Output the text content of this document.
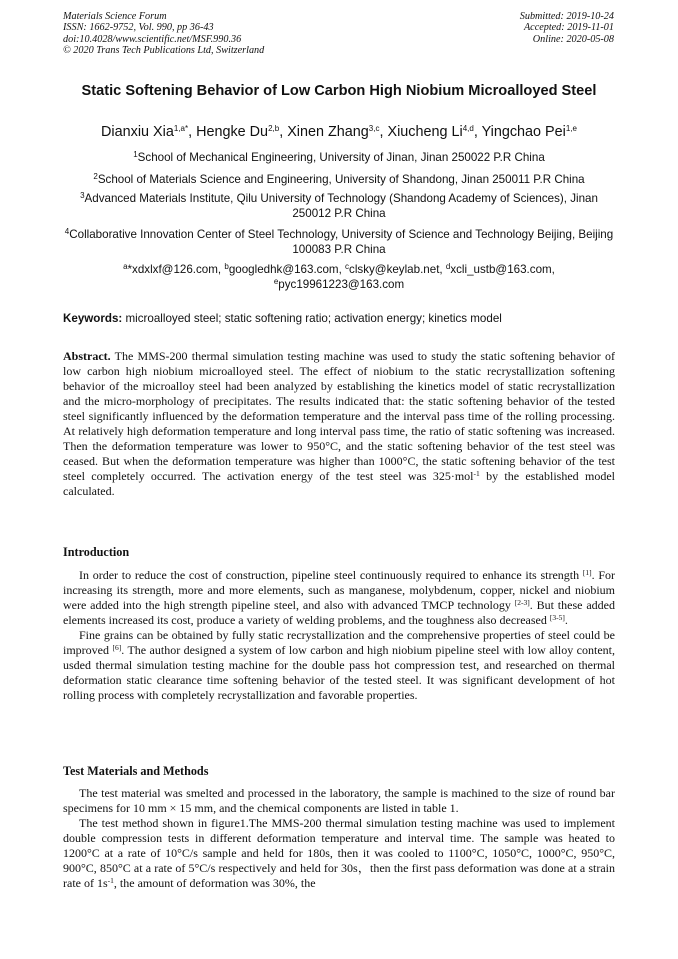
Materials Science Forum
ISSN: 1662-9752, Vol. 990, pp 36-43
doi:10.4028/www.scientific.net/MSF.990.36
© 2020 Trans Tech Publications Ltd, Switzerland
Submitted: 2019-10-24
Accepted: 2019-11-01
Online: 2020-05-08
Static Softening Behavior of Low Carbon High Niobium Microalloyed Steel
Dianxiu Xia$^{1,a*}$, Hengke Du$^{2,b}$, Xinen Zhang$^{3,c}$, Xiucheng Li$^{4,d}$, Yingchao Pei$^{1,e}$
$^1$School of Mechanical Engineering, University of Jinan, Jinan 250022 P.R China
$^2$School of Materials Science and Engineering, University of Shandong, Jinan 250011 P.R China
$^3$Advanced Materials Institute, Qilu University of Technology (Shandong Academy of Sciences), Jinan 250012 P.R China
$^4$Collaborative Innovation Center of Steel Technology, University of Science and Technology Beijing, Beijing 100083 P.R China
$^a$*xdxlxf@126.com, $^b$googledhk@163.com, $^c$clsky@keylab.net, $^d$xcli_ustb@163.com,
$^e$pyc19961223@163.com
Keywords: microalloyed steel; static softening ratio; activation energy; kinetics model
Abstract. The MMS-200 thermal simulation testing machine was used to study the static softening behavior of low carbon high niobium microalloyed steel. The effect of niobium to the static recrystallization softening behavior of the microalloy steel had been analyzed by establishing the kinetics model of static recrystallization and the micro-morphology of precipitates. The results indicated that: the static softening behavior of the tested steel significantly influenced by the deformation temperature and the interval pass time of the rolling processing. At relatively high deformation temperature and long interval pass time, the ratio of static softening was increased. Then the deformation temperature was lower to 950°C, and the static softening behavior of the test steel was ceased. But when the deformation temperature was higher than 1000°C, the static softening behavior of the test steel completely occurred. The activation energy of the test steel was 325·mol$^{-1}$ by the established model calculated.
Introduction

In order to reduce the cost of construction, pipeline steel continuously required to enhance its strength [1]. For increasing its strength, more and more elements, such as manganese, molybdenum, copper, nickel and niobium were added into the high strength pipeline steel, and also with advanced TMCP technology [2-3]. But these added elements increased its cost, produce a variety of welding problems, and the toughness also decreased [3-5].

Fine grains can be obtained by fully static recrystallization and the comprehensive properties of steel could be improved [6]. The author designed a system of low carbon and high niobium pipeline steel with low alloy content, usded thermal simulation testing machine for the double pass hot compression test, and researched on thermal deformation static clearance time softening behavior of the tested steel. It was significant development of hot rolling process with completely recrystallization and favorable properties.

Test Materials and Methods

The test material was smelted and processed in the laboratory, the sample is machined to the size of round bar specimens for 10 mm × 15 mm, and the chemical components are listed in table 1.

The test method shown in figure1.The MMS-200 thermal simulation testing machine was used to implement double compression tests in different deformation temperature and interval time. The sample was heated to 1200°C at a rate of 10°C/s sample and held for 180s, then it was cooled to 1100°C, 1050°C, 1000°C, 950°C, 900°C, 850°C at a rate of 5°C/s respectively and held for 30s，then the first pass deformation was done at a strain rate of $1s^{-1}$, the amount of deformation was 30%, the
